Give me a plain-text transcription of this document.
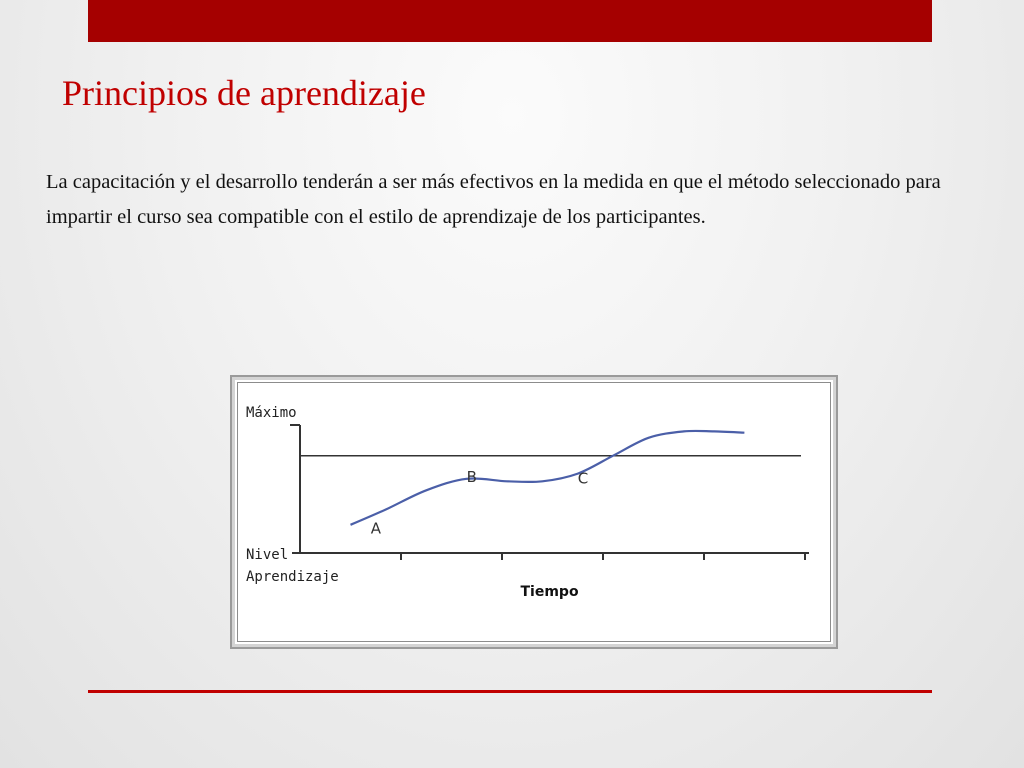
Principios de aprendizaje

La capacitación y el desarrollo tenderán a ser más efectivos en la medida en que el método seleccionado para impartir el curso sea compatible con el estilo de aprendizaje de los participantes.

Máximo
Nivel
Aprendizaje
Tiempo
A
B	C
